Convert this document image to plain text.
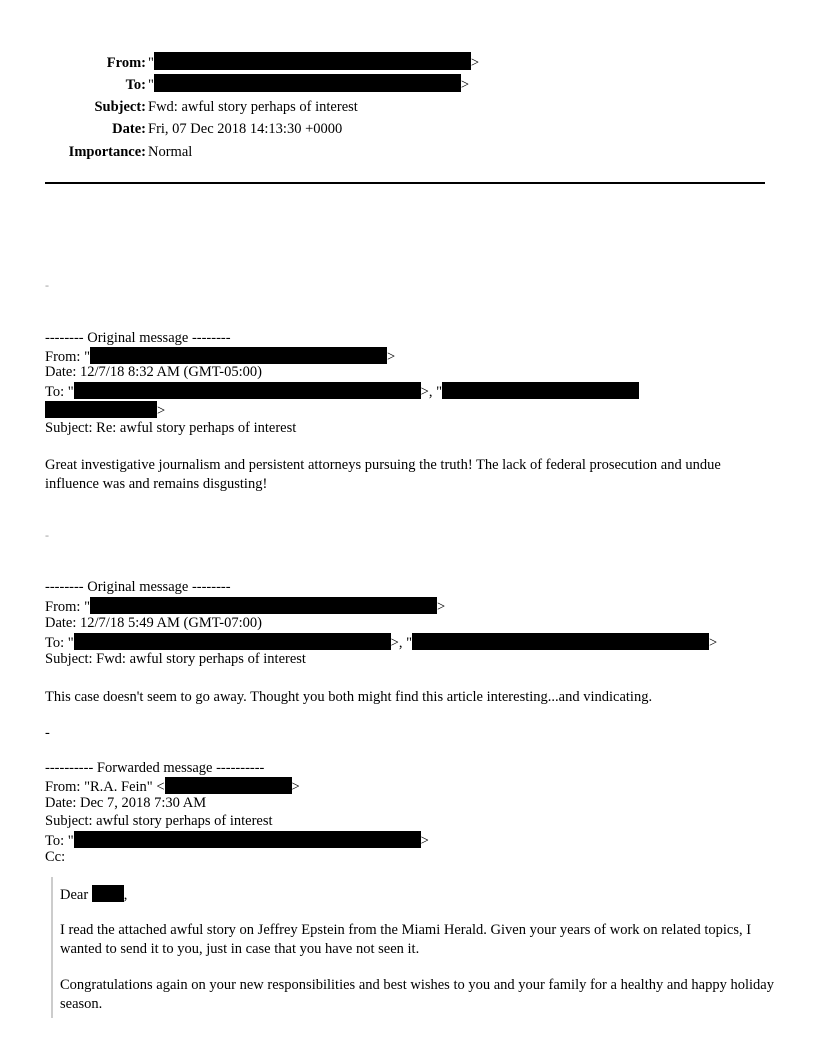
From: "	>
To: "	>
Subject: Fwd: awful story perhaps of interest
Date: Fri, 07 Dec 2018 14:13:30 +0000
Importance: Normal
-
-------- Original message --------
From: "	>
Date: 12/7/18 8:32 AM (GMT-05:00)
To: "	>, "
>
Subject: Re: awful story perhaps of interest
Great investigative journalism and persistent attorneys pursuing the truth! The lack of federal prosecution and undue influence was and remains disgusting!
-
-------- Original message --------
From: "	>
Date: 12/7/18 5:49 AM (GMT-07:00)
To: "	>, "	>
Subject: Fwd: awful story perhaps of interest
This case doesn't seem to go away. Thought you both might find this article interesting...and vindicating.
-
---------- Forwarded message ----------
From: "R.A. Fein" <	>
Date: Dec 7, 2018 7:30 AM
Subject: awful story perhaps of interest
To: "	>
Cc:
Dear ,
I read the attached awful story on Jeffrey Epstein from the Miami Herald. Given your years of work on related topics, I wanted to send it to you, just in case that you have not seen it.
Congratulations again on your new responsibilities and best wishes to you and your family for a healthy and happy holiday season.
